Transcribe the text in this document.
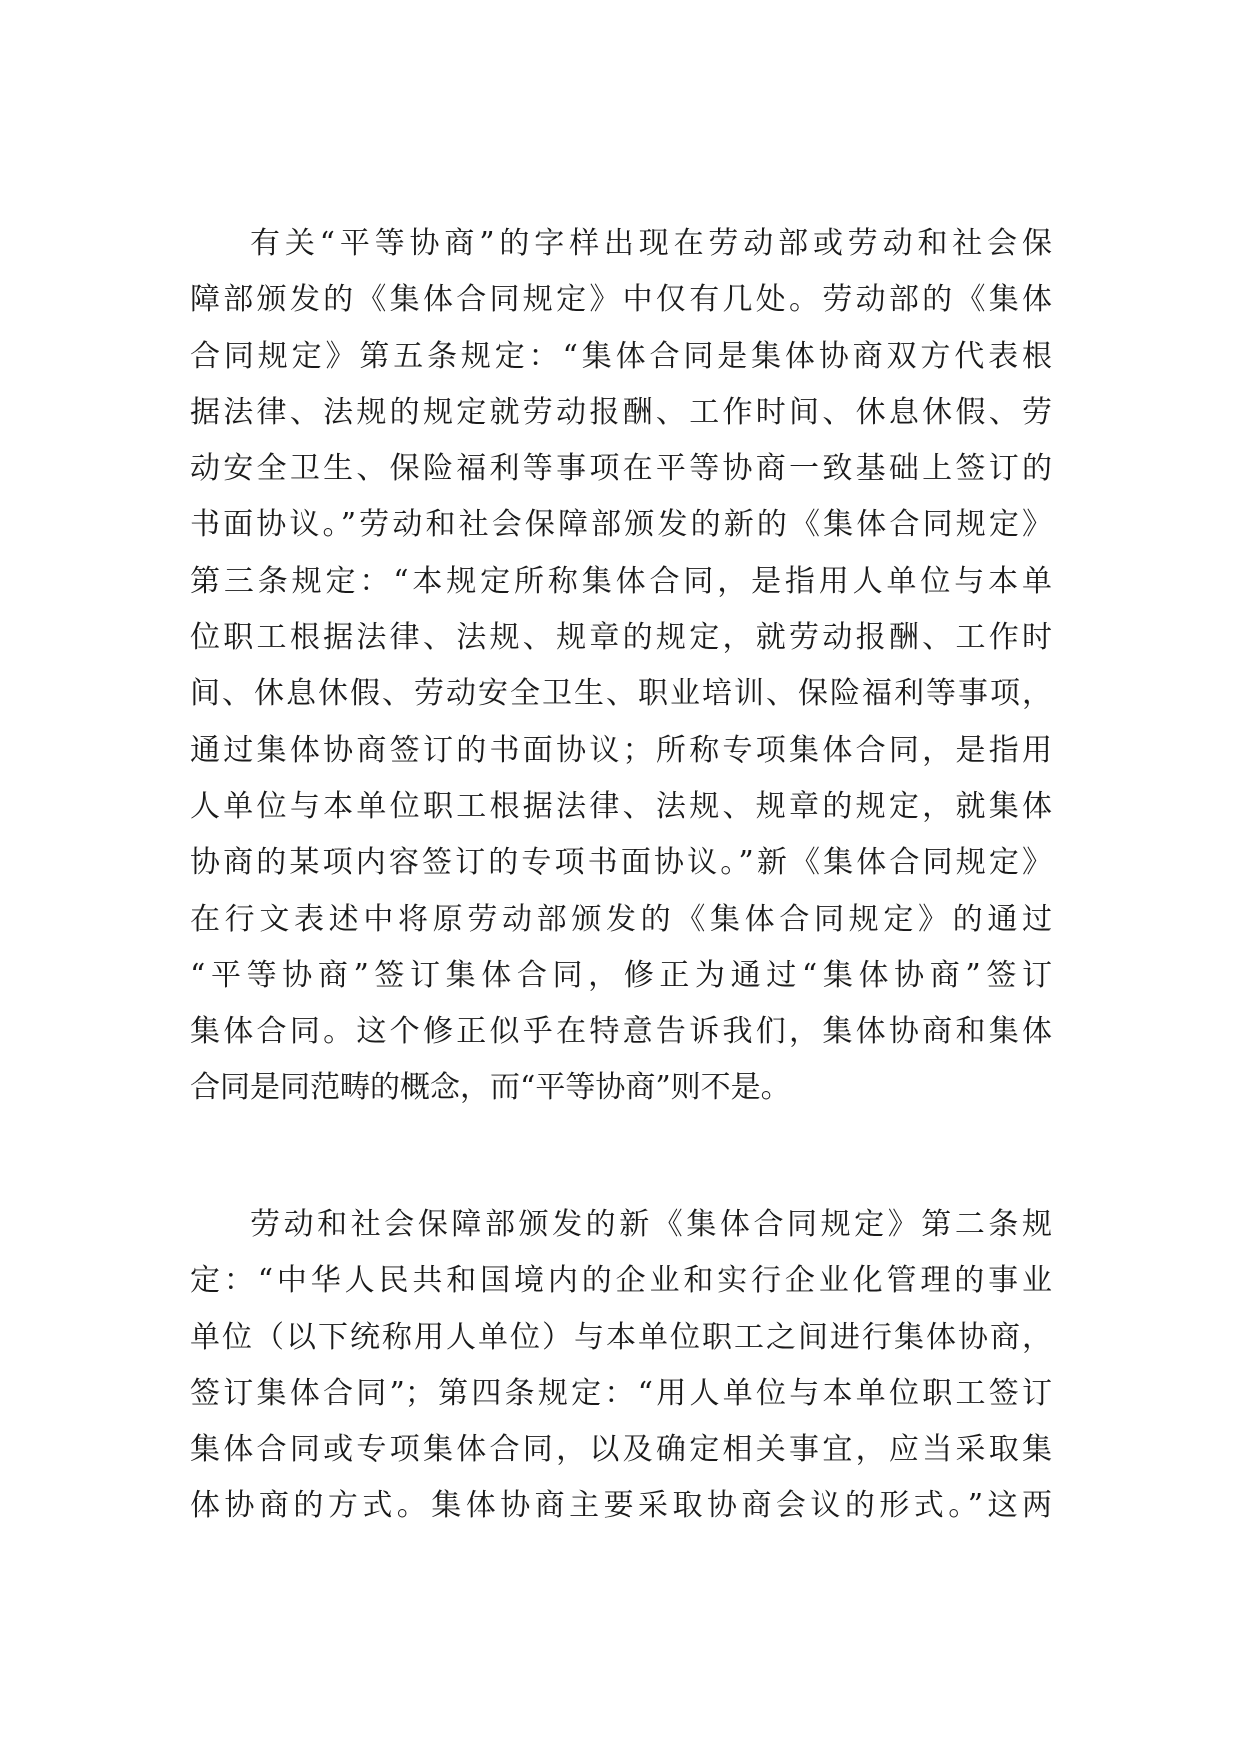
有关“平等协商”的字样出现在劳动部或劳动和社会保
障部颁发的《集体合同规定》中仅有几处。劳动部的《集体
合同规定》第五条规定：“集体合同是集体协商双方代表根
据法律、法规的规定就劳动报酬、工作时间、休息休假、劳
动安全卫生、保险福利等事项在平等协商一致基础上签订的
书面协议。”劳动和社会保障部颁发的新的《集体合同规定》
第三条规定：“本规定所称集体合同，是指用人单位与本单
位职工根据法律、法规、规章的规定，就劳动报酬、工作时
间、休息休假、劳动安全卫生、职业培训、保险福利等事项，
通过集体协商签订的书面协议；所称专项集体合同，是指用
人单位与本单位职工根据法律、法规、规章的规定，就集体
协商的某项内容签订的专项书面协议。”新《集体合同规定》
在行文表述中将原劳动部颁发的《集体合同规定》的通过
“平等协商”签订集体合同，修正为通过“集体协商”签订
集体合同。这个修正似乎在特意告诉我们，集体协商和集体
合同是同范畴的概念，而“平等协商”则不是。
劳动和社会保障部颁发的新《集体合同规定》第二条规
定：“中华人民共和国境内的企业和实行企业化管理的事业
单位（以下统称用人单位）与本单位职工之间进行集体协商，
签订集体合同”；第四条规定：“用人单位与本单位职工签订
集体合同或专项集体合同，以及确定相关事宜，应当采取集
体协商的方式。集体协商主要采取协商会议的形式。”这两
